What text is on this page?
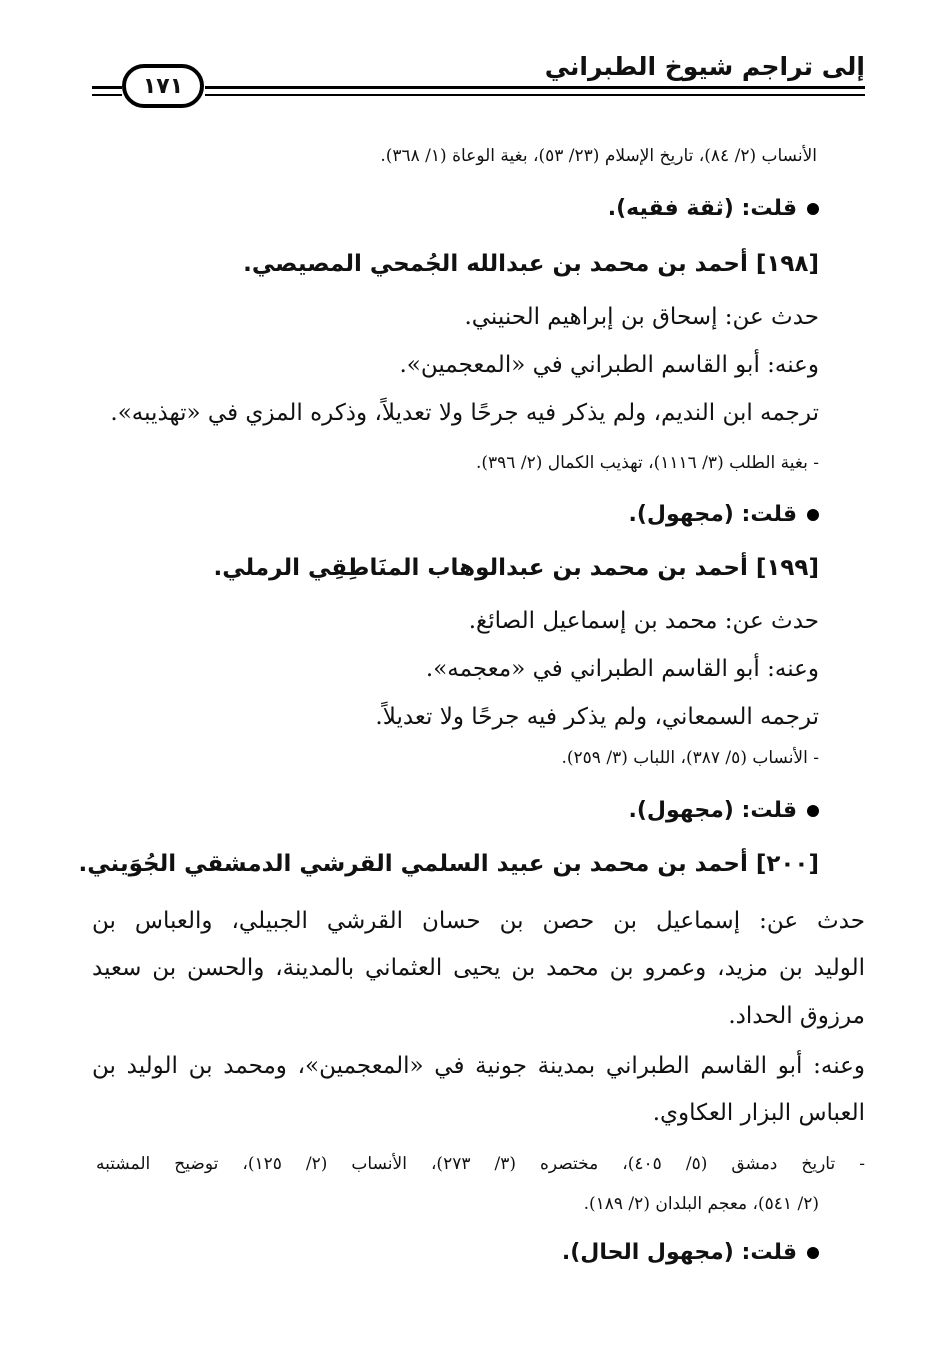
إلى تراجم شيوخ الطبراني
١٧١
الأنساب (٢/ ٨٤)، تاريخ الإسلام (٢٣/ ٥٣)، بغية الوعاة (١/ ٣٦٨).
قلت: (ثقة فقيه).
[١٩٨] أحمد بن محمد بن عبدالله الجُمحي المصيصي.
حدث عن: إسحاق بن إبراهيم الحنيني.
وعنه: أبو القاسم الطبراني في «المعجمين».
ترجمه ابن النديم، ولم يذكر فيه جرحًا ولا تعديلاً، وذكره المزي في «تهذيبه».
- بغية الطلب (٣/ ١١١٦)، تهذيب الكمال (٢/ ٣٩٦).
قلت: (مجهول).
[١٩٩] أحمد بن محمد بن عبدالوهاب المنَاطِقِي الرملي.
حدث عن: محمد بن إسماعيل الصائغ.
وعنه: أبو القاسم الطبراني في «معجمه».
ترجمه السمعاني، ولم يذكر فيه جرحًا ولا تعديلاً.
- الأنساب (٥/ ٣٨٧)، اللباب (٣/ ٢٥٩).
قلت: (مجهول).
[٢٠٠] أحمد بن محمد بن عبيد السلمي القرشي الدمشقي الجُوَيني.
حدث عن: إسماعيل بن حصن بن حسان القرشي الجبيلي، والعباس بن
الوليد بن مزيد، وعمرو بن محمد بن يحيى العثماني بالمدينة، والحسن بن سعيد
مرزوق الحداد.
وعنه: أبو القاسم الطبراني بمدينة جونية في «المعجمين»، ومحمد بن الوليد بن
العباس البزار العكاوي.
- تاريخ دمشق (٥/ ٤٠٥)، مختصره (٣/ ٢٧٣)، الأنساب (٢/ ١٢٥)، توضيح المشتبه
(٢/ ٥٤١)، معجم البلدان (٢/ ١٨٩).
قلت: (مجهول الحال).
